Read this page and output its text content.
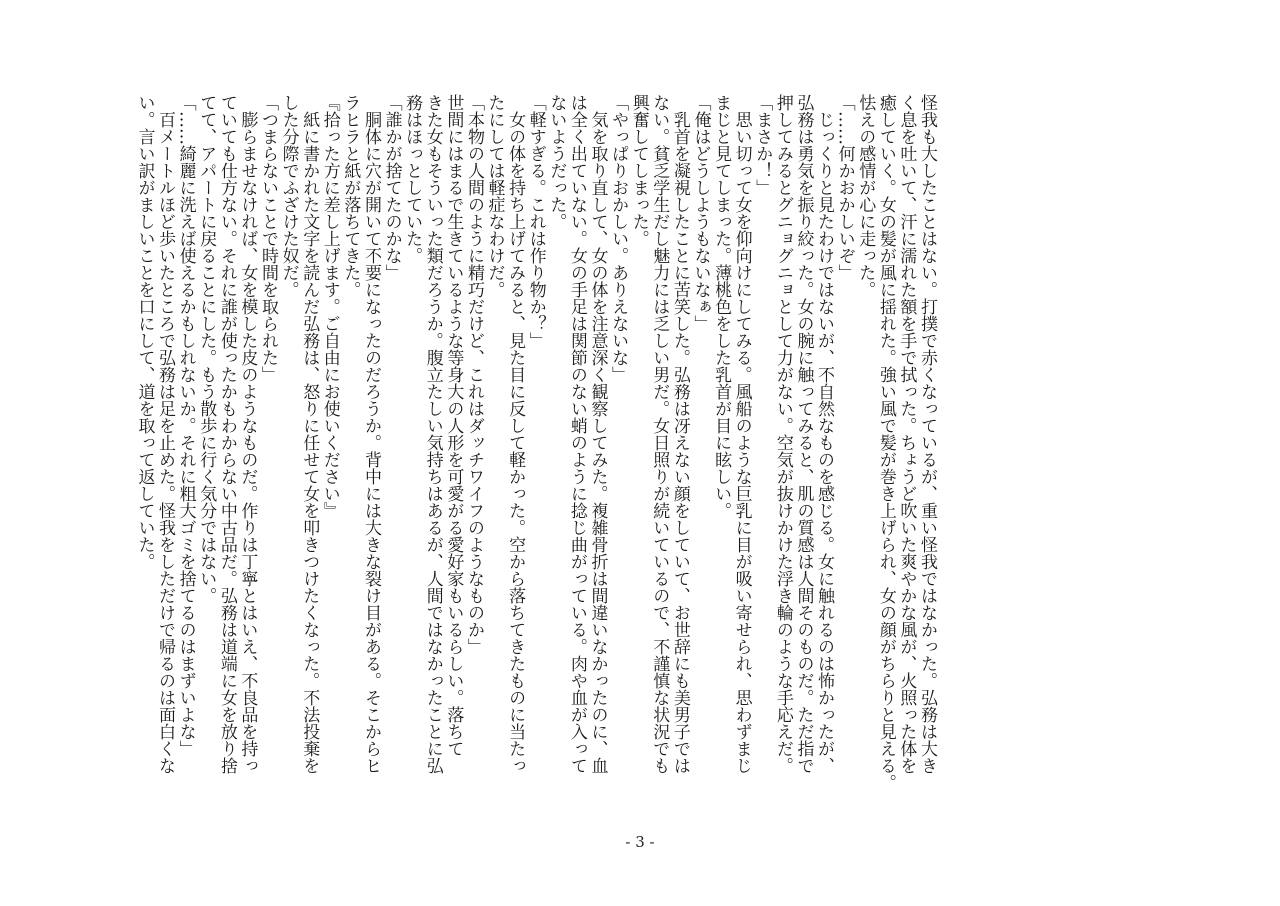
怪我も大したことはない。打撲で赤くなっているが、重い怪我ではなかった。弘務は大き
く息を吐いて、汗に濡れた額を手で拭った。ちょうど吹いた爽やかな風が、火照った体を
癒していく。女の髪が風に揺れた。強い風で髪が巻き上げられ、女の顔がちらりと見える。
怯えの感情が心に走った。
「……何かおかしいぞ」
　じっくりと見たわけではないが、不自然なものを感じる。女に触れるのは怖かったが、
弘務は勇気を振り絞った。女の腕に触ってみると、肌の質感は人間そのものだ。ただ指で
押してみるとグニョグニョとして力がない。空気が抜けかけた浮き輪のような手応えだ。
「まさか！」
　思い切って女を仰向けにしてみる。風船のような巨乳に目が吸い寄せられ、思わずまじ
まじと見てしまった。薄桃色をした乳首が目に眩しい。
「俺はどうしようもないなぁ」
　乳首を凝視したことに苦笑した。弘務は冴えない顔をしていて、お世辞にも美男子では
ない。貧乏学生だし魅力には乏しい男だ。女日照りが続いているので、不謹慎な状況でも
興奮してしまった。
「やっぱりおかしい。ありえないな」
　気を取り直して、女の体を注意深く観察してみた。複雑骨折は間違いなかったのに、血
は全く出ていない。女の手足は関節のない蛸のように捻じ曲がっている。肉や血が入って
ないようだった。
「軽すぎる。これは作り物か？」
　女の体を持ち上げてみると、見た目に反して軽かった。空から落ちてきたものに当たっ
たにしては軽症なわけだ。
「本物の人間のように精巧だけど、これはダッチワイフのようなものか」
世間にはまるで生きているような等身大の人形を可愛がる愛好家もいるらしい。落ちて
きた女もそういった類だろうか。腹立たしい気持ちはあるが、人間ではなかったことに弘
務はほっとしていた。
「誰かが捨てたのかな」
　胴体に穴が開いて不要になったのだろうか。背中には大きな裂け目がある。そこからヒ
ラヒラと紙が落ちてきた。
『拾った方に差し上げます。ご自由にお使いください』
　紙に書かれた文字を読んだ弘務は、怒りに任せて女を叩きつけたくなった。不法投棄を
した分際でふざけた奴だ。
「つまらないことで時間を取られた」
　膨らませなければ、女を模した皮のようなものだ。作りは丁寧とはいえ、不良品を持っ
ていても仕方ない。それに誰が使ったかもわからない中古品だ。弘務は道端に女を放り捨
てて、アパートに戻ることにした。もう散歩に行く気分ではない。
「……綺麗に洗えば使えるかもしれないか。それに粗大ゴミを捨てるのはまずいよな」
　百メートルほど歩いたところで弘務は足を止めた。怪我をしただけで帰るのは面白くな
い。言い訳がましいことを口にして、道を取って返していた。
- 3 -
